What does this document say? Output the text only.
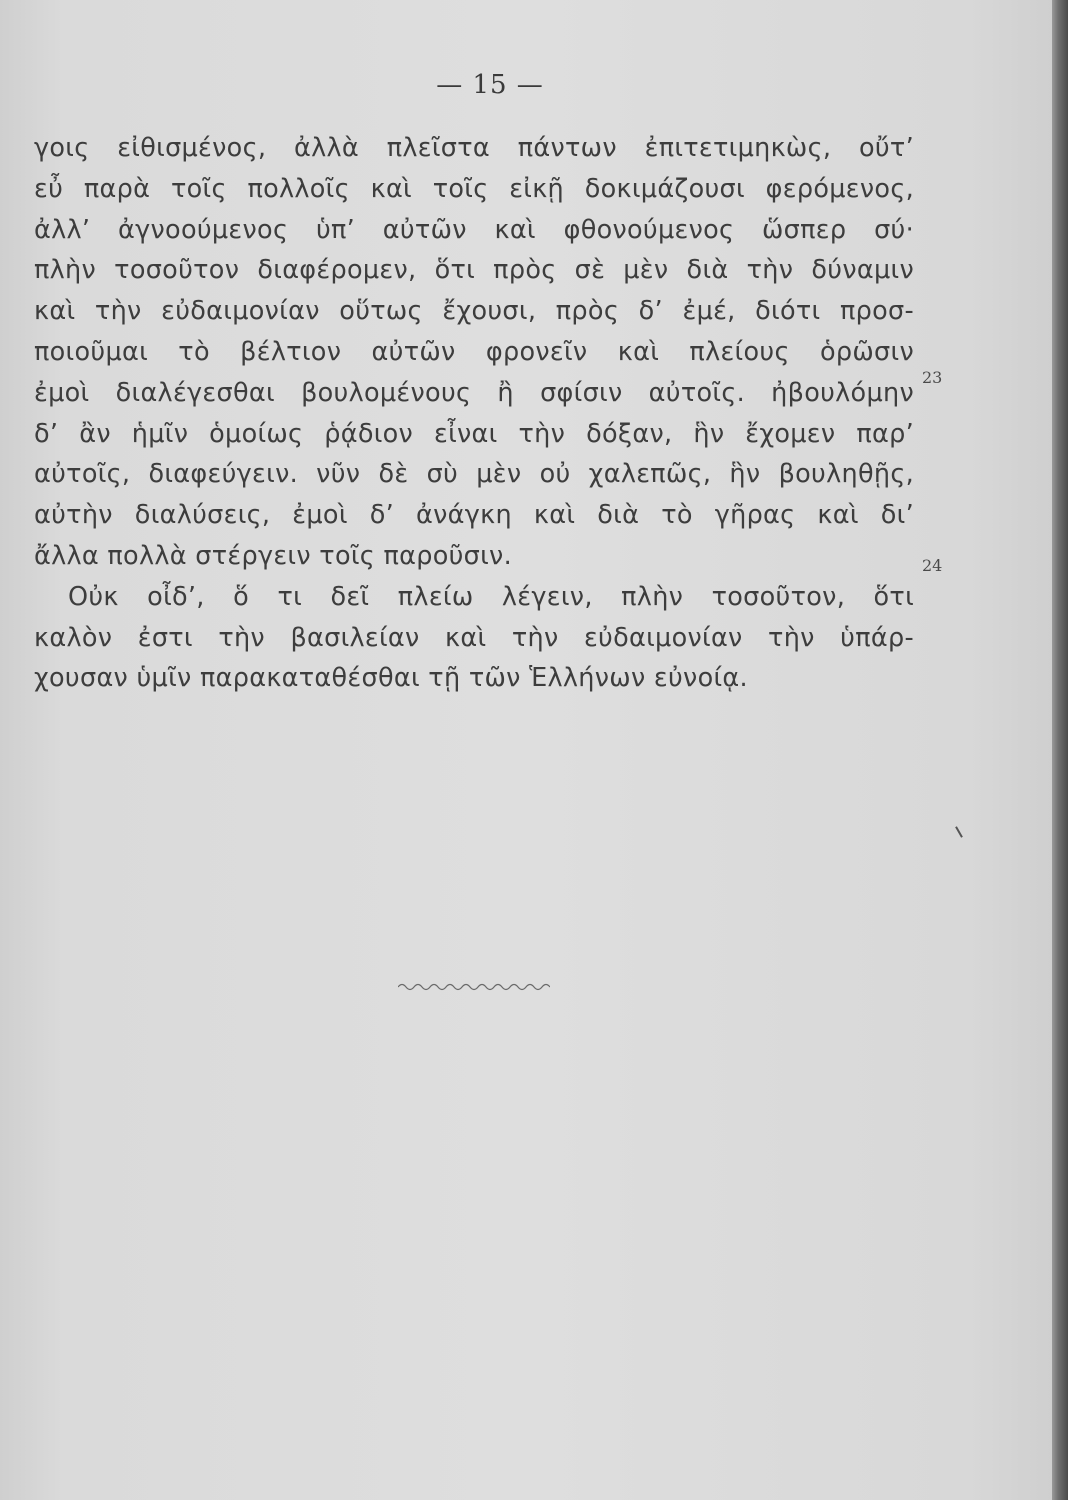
— 15 —
γοις εἰθισμένος, ἀλλὰ πλεῖστα πάντων ἐπιτετιμηκὼς, οὔτ’
εὖ παρὰ τοῖς πολλοῖς καὶ τοῖς εἰκῇ δοκιμάζουσι φερόμενος,
ἀλλ’ ἀγνοούμενος ὑπ’ αὐτῶν καὶ φθονούμενος ὥσπερ σύ·
πλὴν τοσοῦτον διαφέρομεν, ὅτι πρὸς σὲ μὲν διὰ τὴν δύναμιν
καὶ τὴν εὐδαιμονίαν οὕτως ἔχουσι, πρὸς δ’ ἐμέ, διότι προσ-
ποιοῦμαι τὸ βέλτιον αὐτῶν φρονεῖν καὶ πλείους ὁρῶσιν
ἐμοὶ διαλέγεσθαι βουλομένους ἢ σφίσιν αὐτοῖς. ἠβουλόμην
δ’ ἂν ἡμῖν ὁμοίως ῥᾴδιον εἶναι τὴν δόξαν, ἣν ἔχομεν παρ’
αὐτοῖς, διαφεύγειν. νῦν δὲ σὺ μὲν οὐ χαλεπῶς, ἣν βουληθῇς,
αὐτὴν διαλύσεις, ἐμοὶ δ’ ἀνάγκη καὶ διὰ τὸ γῆρας καὶ δι’
ἄλλα πολλὰ στέργειν τοῖς παροῦσιν.
Οὐκ οἶδ’, ὅ τι δεῖ πλείω λέγειν, πλὴν τοσοῦτον, ὅτι
καλὸν ἐστι τὴν βασιλείαν καὶ τὴν εὐδαιμονίαν τὴν ὑπάρ-
χουσαν ὑμῖν παρακαταθέσθαι τῇ τῶν Ἑλλήνων εὐνοίᾳ.
23
24
